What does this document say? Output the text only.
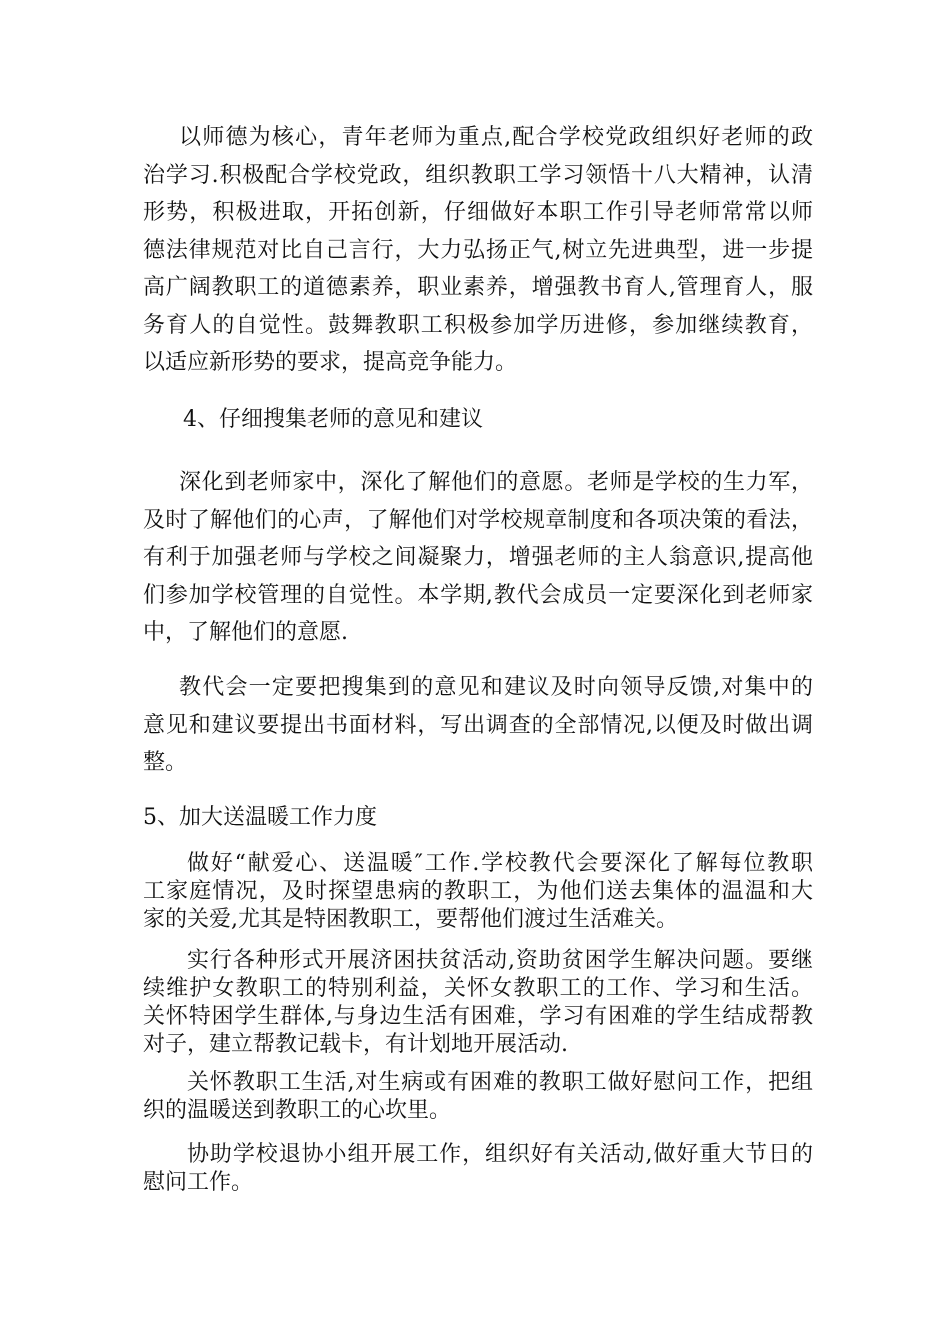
以师德为核心，青年老师为重点,配合学校党政组织好老师的政
治学习.积极配合学校党政，组织教职工学习领悟十八大精神，认清
形势，积极进取，开拓创新，仔细做好本职工作引导老师常常以师
德法律规范对比自己言行，大力弘扬正气,树立先进典型，进一步提
高广阔教职工的道德素养，职业素养，增强教书育人,管理育人，服
务育人的自觉性。鼓舞教职工积极参加学历进修，参加继续教育，
以适应新形势的要求，提高竞争能力。

4、仔细搜集老师的意见和建议

深化到老师家中，深化了解他们的意愿。老师是学校的生力军，
及时了解他们的心声，了解他们对学校规章制度和各项决策的看法，
有利于加强老师与学校之间凝聚力，增强老师的主人翁意识,提高他
们参加学校管理的自觉性。本学期,教代会成员一定要深化到老师家
中，了解他们的意愿.
教代会一定要把搜集到的意见和建议及时向领导反馈,对集中的
意见和建议要提出书面材料，写出调查的全部情况,以便及时做出调
整。

5、加大送温暖工作力度

做好“献爱心、送温暖″工作.学校教代会要深化了解每位教职
工家庭情况，及时探望患病的教职工，为他们送去集体的温温和大
家的关爱,尤其是特困教职工，要帮他们渡过生活难关。
实行各种形式开展济困扶贫活动,资助贫困学生解决问题。要继
续维护女教职工的特别利益，关怀女教职工的工作、学习和生活。
关怀特困学生群体,与身边生活有困难，学习有困难的学生结成帮教
对子，建立帮教记载卡，有计划地开展活动.
关怀教职工生活,对生病或有困难的教职工做好慰问工作，把组
织的温暖送到教职工的心坎里。
协助学校退协小组开展工作，组织好有关活动,做好重大节日的
慰问工作。
